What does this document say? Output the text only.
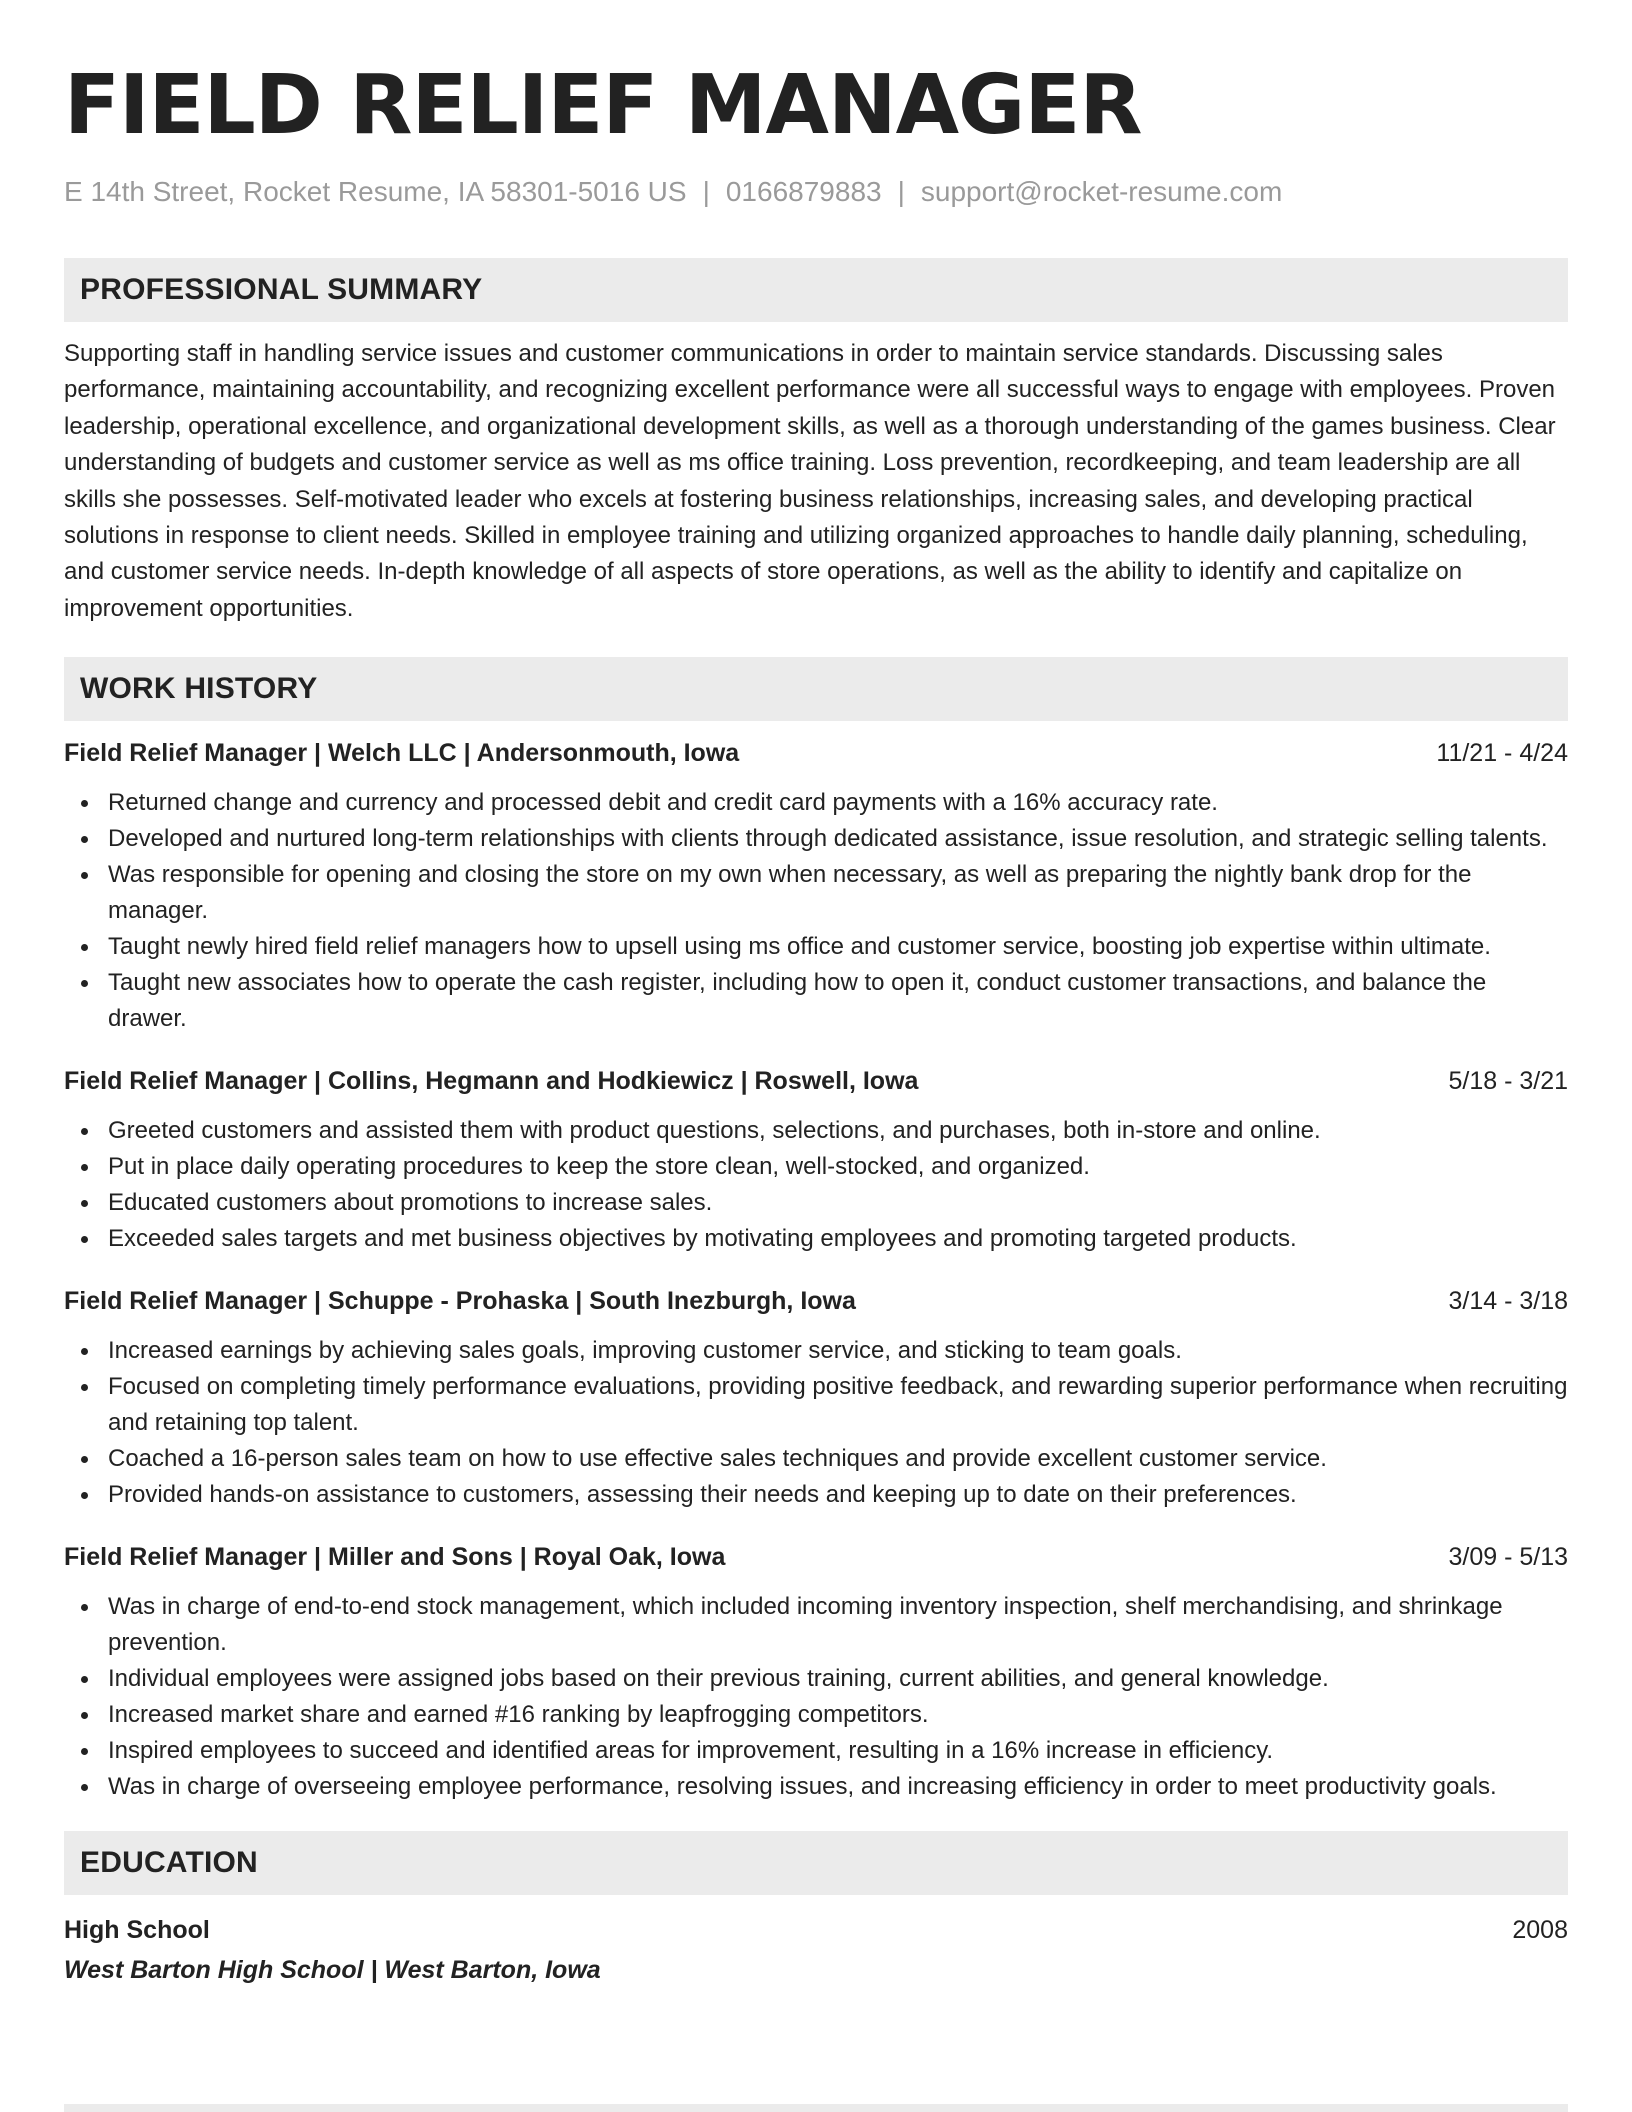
FIELD RELIEF MANAGER
E 14th Street, Rocket Resume, IA 58301-5016 US | 0166879883 | support@rocket-resume.com
PROFESSIONAL SUMMARY
Supporting staff in handling service issues and customer communications in order to maintain service standards. Discussing sales performance, maintaining accountability, and recognizing excellent performance were all successful ways to engage with employees. Proven leadership, operational excellence, and organizational development skills, as well as a thorough understanding of the games business. Clear understanding of budgets and customer service as well as ms office training. Loss prevention, recordkeeping, and team leadership are all skills she possesses. Self-motivated leader who excels at fostering business relationships, increasing sales, and developing practical solutions in response to client needs. Skilled in employee training and utilizing organized approaches to handle daily planning, scheduling, and customer service needs. In-depth knowledge of all aspects of store operations, as well as the ability to identify and capitalize on improvement opportunities.
WORK HISTORY
Field Relief Manager | Welch LLC | Andersonmouth, Iowa	11/21 - 4/24
Returned change and currency and processed debit and credit card payments with a 16% accuracy rate.
Developed and nurtured long-term relationships with clients through dedicated assistance, issue resolution, and strategic selling talents.
Was responsible for opening and closing the store on my own when necessary, as well as preparing the nightly bank drop for the manager.
Taught newly hired field relief managers how to upsell using ms office and customer service, boosting job expertise within ultimate.
Taught new associates how to operate the cash register, including how to open it, conduct customer transactions, and balance the drawer.
Field Relief Manager | Collins, Hegmann and Hodkiewicz | Roswell, Iowa	5/18 - 3/21
Greeted customers and assisted them with product questions, selections, and purchases, both in-store and online.
Put in place daily operating procedures to keep the store clean, well-stocked, and organized.
Educated customers about promotions to increase sales.
Exceeded sales targets and met business objectives by motivating employees and promoting targeted products.
Field Relief Manager | Schuppe - Prohaska | South Inezburgh, Iowa	3/14 - 3/18
Increased earnings by achieving sales goals, improving customer service, and sticking to team goals.
Focused on completing timely performance evaluations, providing positive feedback, and rewarding superior performance when recruiting and retaining top talent.
Coached a 16-person sales team on how to use effective sales techniques and provide excellent customer service.
Provided hands-on assistance to customers, assessing their needs and keeping up to date on their preferences.
Field Relief Manager | Miller and Sons | Royal Oak, Iowa	3/09 - 5/13
Was in charge of end-to-end stock management, which included incoming inventory inspection, shelf merchandising, and shrinkage prevention.
Individual employees were assigned jobs based on their previous training, current abilities, and general knowledge.
Increased market share and earned #16 ranking by leapfrogging competitors.
Inspired employees to succeed and identified areas for improvement, resulting in a 16% increase in efficiency.
Was in charge of overseeing employee performance, resolving issues, and increasing efficiency in order to meet productivity goals.
EDUCATION
High School	2008
West Barton High School | West Barton, Iowa
